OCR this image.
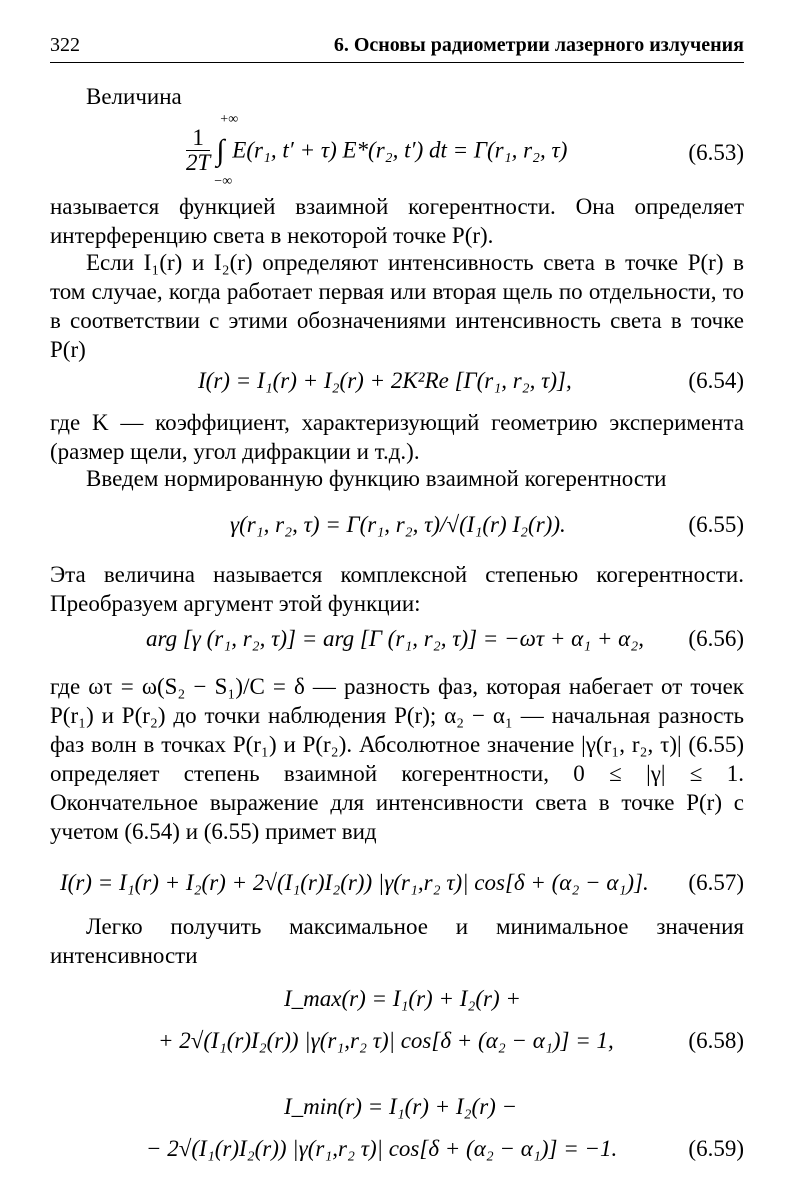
322	6. Основы радиометрии лазерного излучения
Величина
$\frac{1}{2T}$ ∫
+∞
−∞
E(r₁, t′ + τ) E*(r₂, t′) dt = Γ(r₁, r₂, τ)	(6.53)
называется функцией взаимной когерентности. Она определяет интерференцию света в некоторой точке P(r).
Если I₁(r) и I₂(r) определяют интенсивность света в точке P(r) в том случае, когда работает первая или вторая щель по отдельности, то в соответствии с этими обозначениями интенсивность света в точке P(r)
I(r) = I₁(r) + I₂(r) + 2K²Re [Γ(r₁, r₂, τ)],	(6.54)
где K — коэффициент, характеризующий геометрию эксперимента (размер щели, угол дифракции и т.д.).
Введем нормированную функцию взаимной когерентности
γ(r₁, r₂, τ) = Γ(r₁, r₂, τ)/√(I₁(r) I₂(r)).	(6.55)
Эта величина называется комплексной степенью когерентности. Преобразуем аргумент этой функции:
arg [γ (r₁, r₂, τ)] = arg [Γ (r₁, r₂, τ)] = −ωτ + α₁ + α₂, (6.56)
где ωτ = ω(S₂ − S₁)/C = δ — разность фаз, которая набегает от точек P(r₁) и P(r₂) до точки наблюдения P(r); α₂ − α₁ — начальная разность фаз волн в точках P(r₁) и P(r₂). Абсолютное значение |γ(r₁, r₂, τ)| (6.55) определяет степень взаимной когерентности, 0 ≤ |γ| ≤ 1. Окончательное выражение для интенсивности света в точке P(r) с учетом (6.54) и (6.55) примет вид
I(r) = I₁(r) + I₂(r) + 2√(I₁(r)I₂(r)) |γ(r₁,r₂ τ)| cos[δ + (α₂ − α₁)]. (6.57)
Легко получить максимальное и минимальное значения интенсивности
I_max(r) = I₁(r) + I₂(r) +
+ 2√(I₁(r)I₂(r)) |γ(r₁,r₂ τ)| cos[δ + (α₂ − α₁)] = 1,	(6.58)
I_min(r) = I₁(r) + I₂(r) −
− 2√(I₁(r)I₂(r)) |γ(r₁,r₂ τ)| cos[δ + (α₂ − α₁)] = −1.	(6.59)
